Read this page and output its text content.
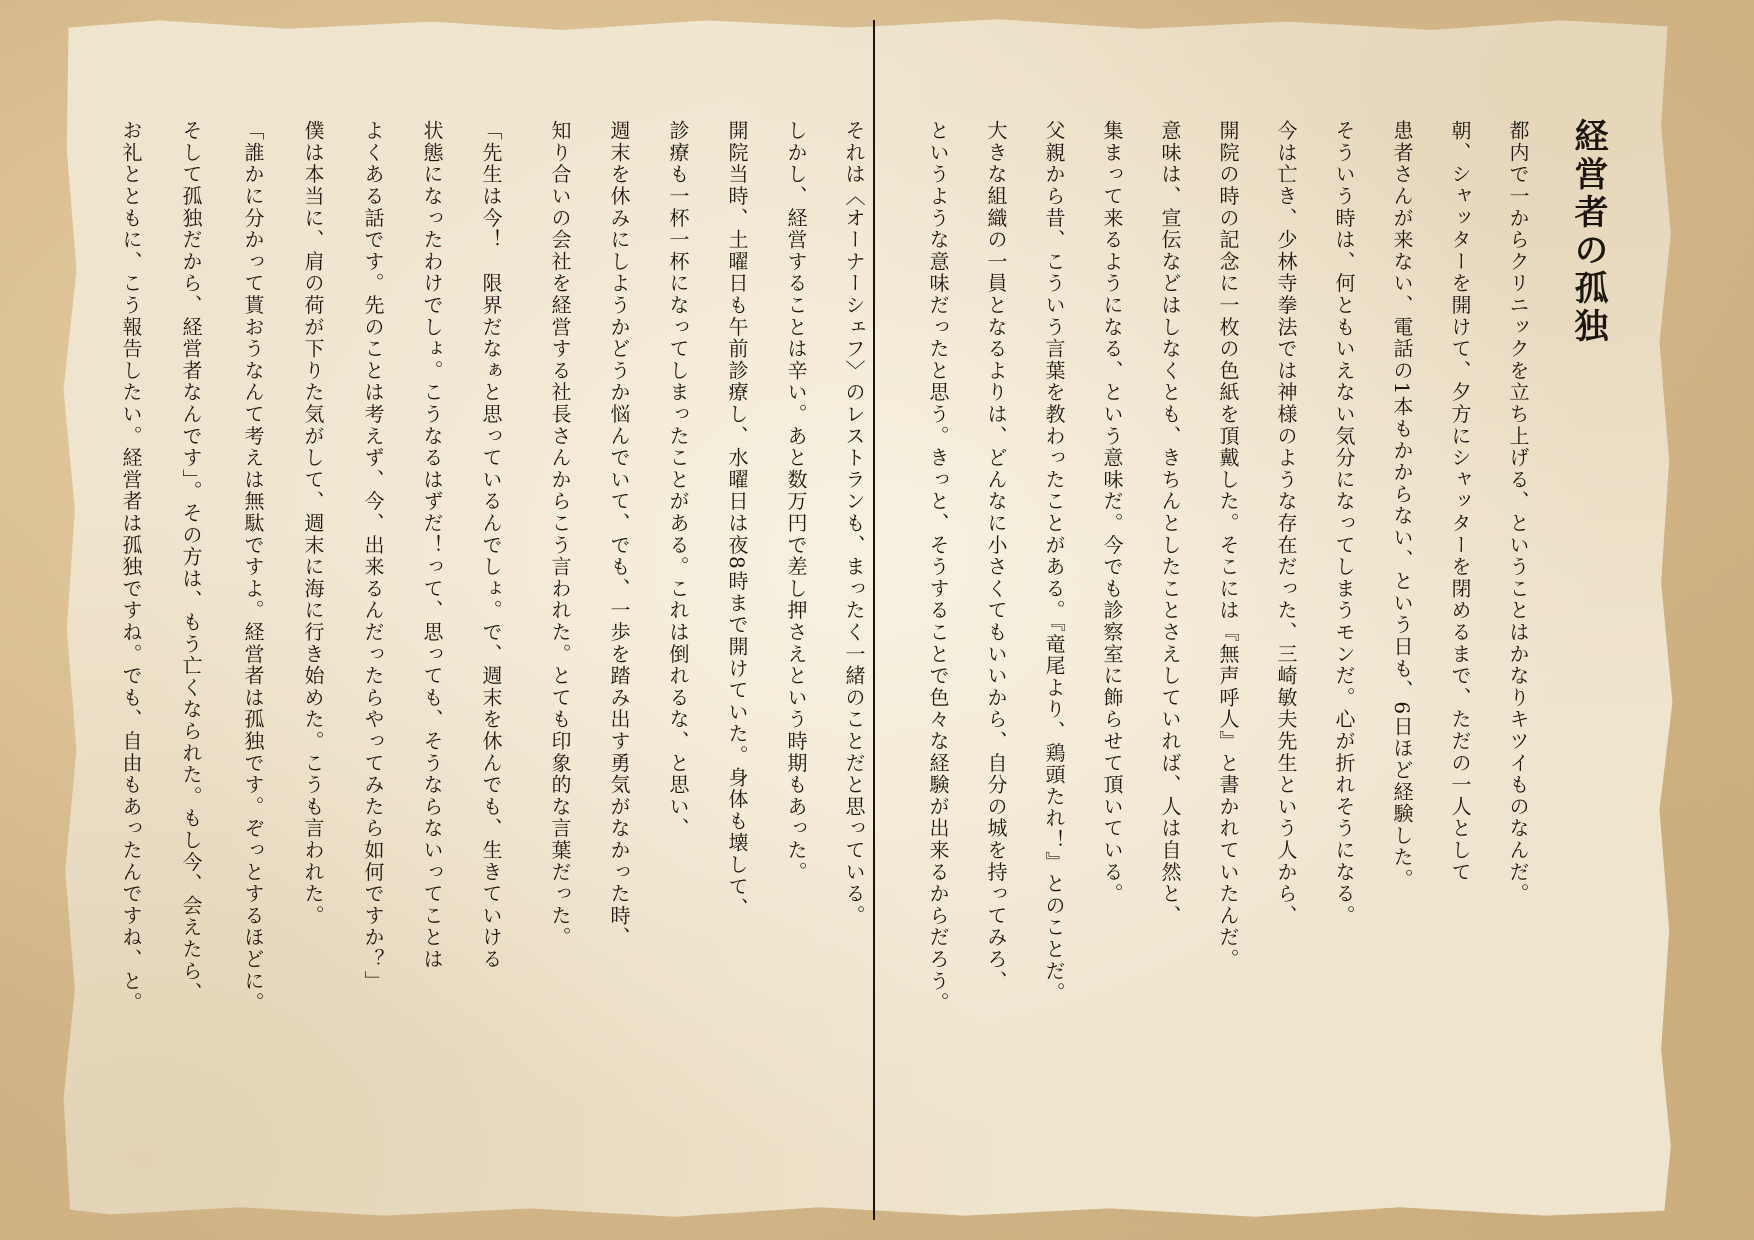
経営者の孤独

都内で一からクリニックを立ち上げる、ということはかなりキツイものなんだ。

朝、シャッターを開けて、夕方にシャッターを閉めるまで、ただの一人として

患者さんが来ない、電話の1本もかからない、という日も、6日ほど経験した。

そういう時は、何ともいえない気分になってしまうモンだ。心が折れそうになる。

今は亡き、少林寺拳法では神様のような存在だった、三崎敏夫先生という人から、

開院の時の記念に一枚の色紙を頂戴した。そこには『無声呼人』と書かれていたんだ。

意味は、宣伝などはしなくとも、きちんとしたことさえしていれば、人は自然と、

集まって来るようになる、という意味だ。今でも診察室に飾らせて頂いている。

父親から昔、こういう言葉を教わったことがある。『竜尾より、鶏頭たれ！』とのことだ。

大きな組織の一員となるよりは、どんなに小さくてもいいから、自分の城を持ってみろ、

というような意味だったと思う。きっと、そうすることで色々な経験が出来るからだろう。

それは〈オーナーシェフ〉のレストランも、まったく一緒のことだと思っている。

しかし、経営することは辛い。あと数万円で差し押さえという時期もあった。

開院当時、土曜日も午前診療し、水曜日は夜8時まで開けていた。身体も壊して、

診療も一杯一杯になってしまったことがある。これは倒れるな、と思い、

週末を休みにしようかどうか悩んでいて、でも、一歩を踏み出す勇気がなかった時、

知り合いの会社を経営する社長さんからこう言われた。とても印象的な言葉だった。

「先生は今！　限界だなぁと思っているんでしょ。で、週末を休んでも、生きていける

状態になったわけでしょ。こうなるはずだ！って、思っても、そうならないってことは

よくある話です。先のことは考えず、今、出来るんだったらやってみたら如何ですか？」

僕は本当に、肩の荷が下りた気がして、週末に海に行き始めた。こうも言われた。

「誰かに分かって貰おうなんて考えは無駄ですよ。経営者は孤独です。ぞっとするほどに。

そして孤独だから、経営者なんです」。その方は、もう亡くなられた。もし今、会えたら、

お礼とともに、こう報告したい。経営者は孤独ですね。でも、自由もあったんですね、と。
